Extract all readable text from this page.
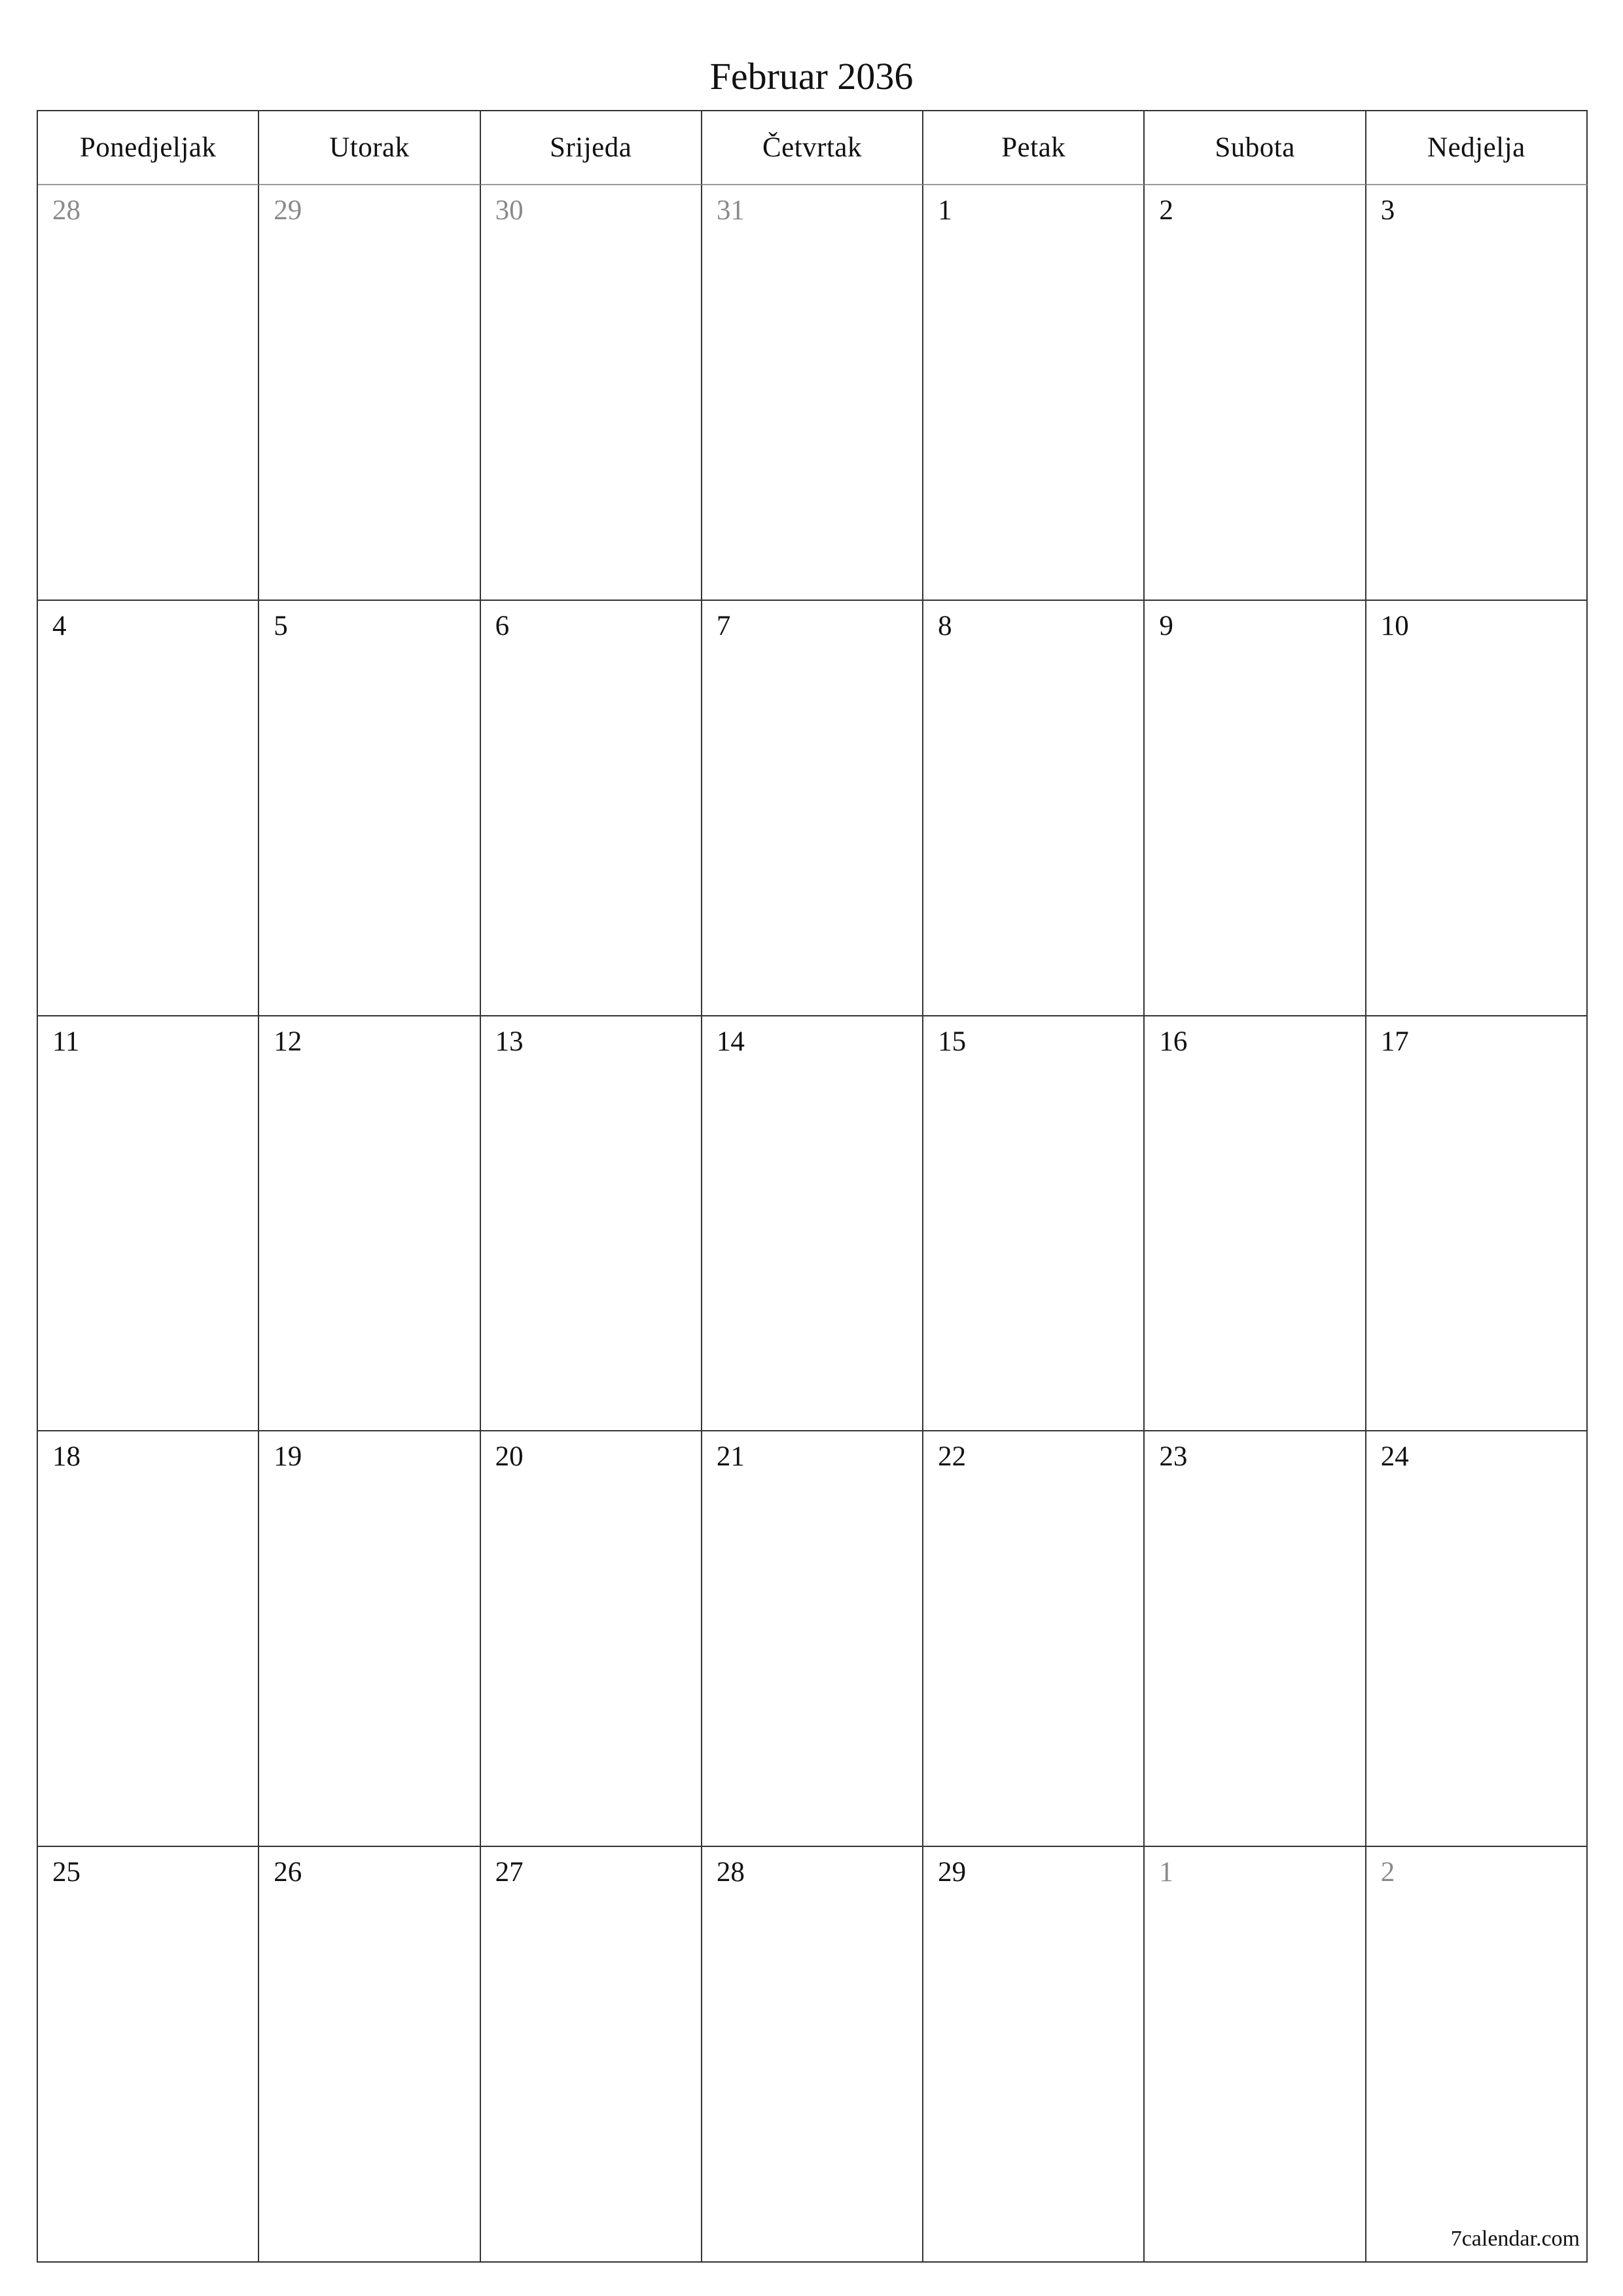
Februar 2036
Ponedjeljak	Utorak	Srijeda	Četvrtak	Petak	Subota	Nedjelja
28	29	30	31	1	2	3
4	5	6	7	8	9	10
11	12	13	14	15	16	17
18	19	20	21	22	23	24
25	26	27	28	29	1	2
7calendar.com
